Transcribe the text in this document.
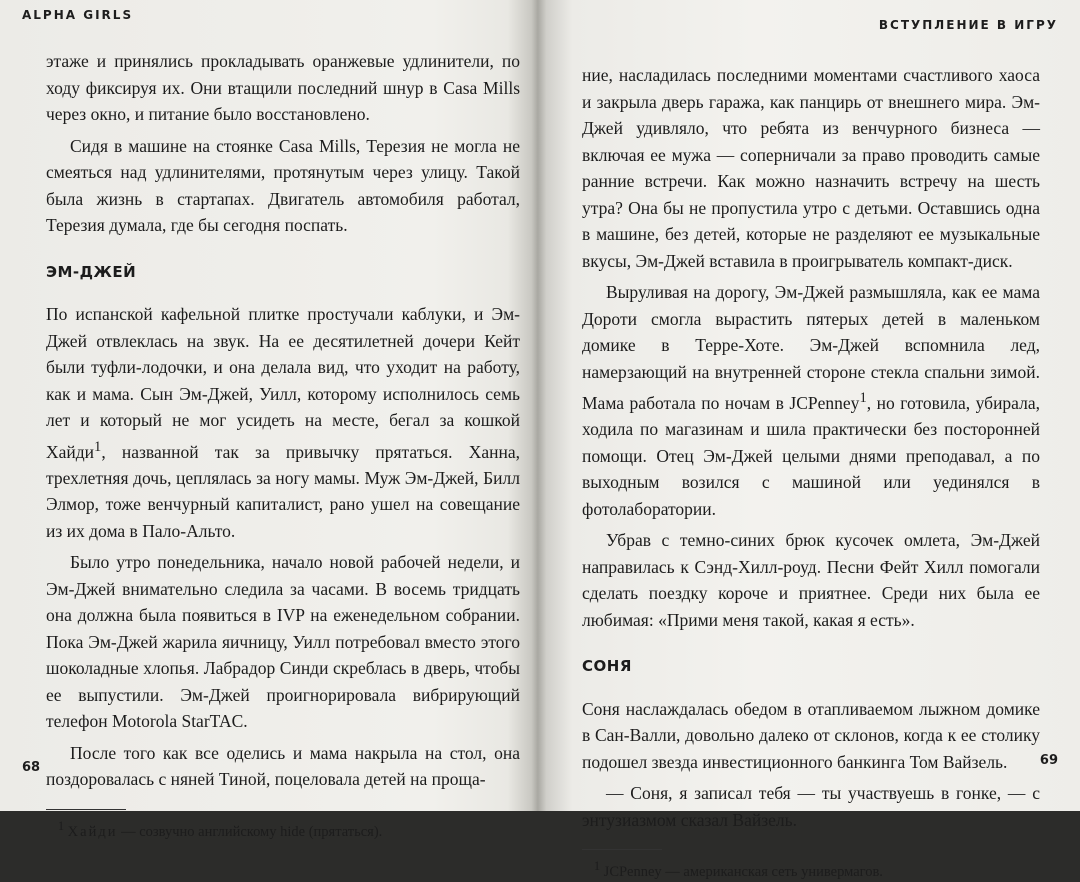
ALPHA GIRLS

этаже и принялись прокладывать оранжевые удлинители, по ходу фиксируя их. Они втащили последний шнур в Casa Mills через окно, и питание было восстановлено.

Сидя в машине на стоянке Casa Mills, Терезия не могла не смеяться над удлинителями, протянутым через улицу. Такой была жизнь в стартапах. Двигатель автомобиля работал, Терезия думала, где бы сегодня поспать.

ЭМ-ДЖЕЙ

По испанской кафельной плитке простучали каблуки, и Эм-Джей отвлеклась на звук. На ее десятилетней дочери Кейт были туфли-лодочки, и она делала вид, что уходит на работу, как и мама. Сын Эм-Джей, Уилл, которому исполнилось семь лет и который не мог усидеть на месте, бегал за кошкой Хайди$^1$, названной так за привычку прятаться. Ханна, трехлетняя дочь, цеплялась за ногу мамы. Муж Эм-Джей, Билл Элмор, тоже венчурный капиталист, рано ушел на совещание из их дома в Пало-Альто.

Было утро понедельника, начало новой рабочей недели, и Эм-Джей внимательно следила за часами. В восемь тридцать она должна была появиться в IVP на еженедельном собрании. Пока Эм-Джей жарила яичницу, Уилл потребовал вместо этого шоколадные хлопья. Лабрадор Синди скреблась в дверь, чтобы ее выпустили. Эм-Джей проигнорировала вибрирующий телефон Motorola StarTAC.

После того как все оделись и мама накрыла на стол, она поздоровалась с няней Тиной, поцеловала детей на проща-

$^1$ Хайди — созвучно английскому hide (прятаться).
68
ВСТУПЛЕНИЕ В ИГРУ

ние, насладилась последними моментами счастливого хаоса и закрыла дверь гаража, как панцирь от внешнего мира. Эм-Джей удивляло, что ребята из венчурного бизнеса — включая ее мужа — соперничали за право проводить самые ранние встречи. Как можно назначить встречу на шесть утра? Она бы не пропустила утро с детьми. Оставшись одна в машине, без детей, которые не разделяют ее музыкальные вкусы, Эм-Джей вставила в проигрыватель компакт-диск.

Выруливая на дорогу, Эм-Джей размышляла, как ее мама Дороти смогла вырастить пятерых детей в маленьком домике в Терре-Хоте. Эм-Джей вспомнила лед, намерзающий на внутренней стороне стекла спальни зимой. Мама работала по ночам в JCPenney$^1$, но готовила, убирала, ходила по магазинам и шила практически без посторонней помощи. Отец Эм-Джей целыми днями преподавал, а по выходным возился с машиной или уединялся в фотолаборатории.

Убрав с темно-синих брюк кусочек омлета, Эм-Джей направилась к Сэнд-Хилл-роуд. Песни Фейт Хилл помогали сделать поездку короче и приятнее. Среди них была ее любимая: «Прими меня такой, какая я есть».

СОНЯ

Соня наслаждалась обедом в отапливаемом лыжном домике в Сан-Валли, довольно далеко от склонов, когда к ее столику подошел звезда инвестиционного банкинга Том Вайзель.

— Соня, я записал тебя — ты участвуешь в гонке, — с энтузиазмом сказал Вайзель.

$^1$ JCPenney — американская сеть универмагов.
69
